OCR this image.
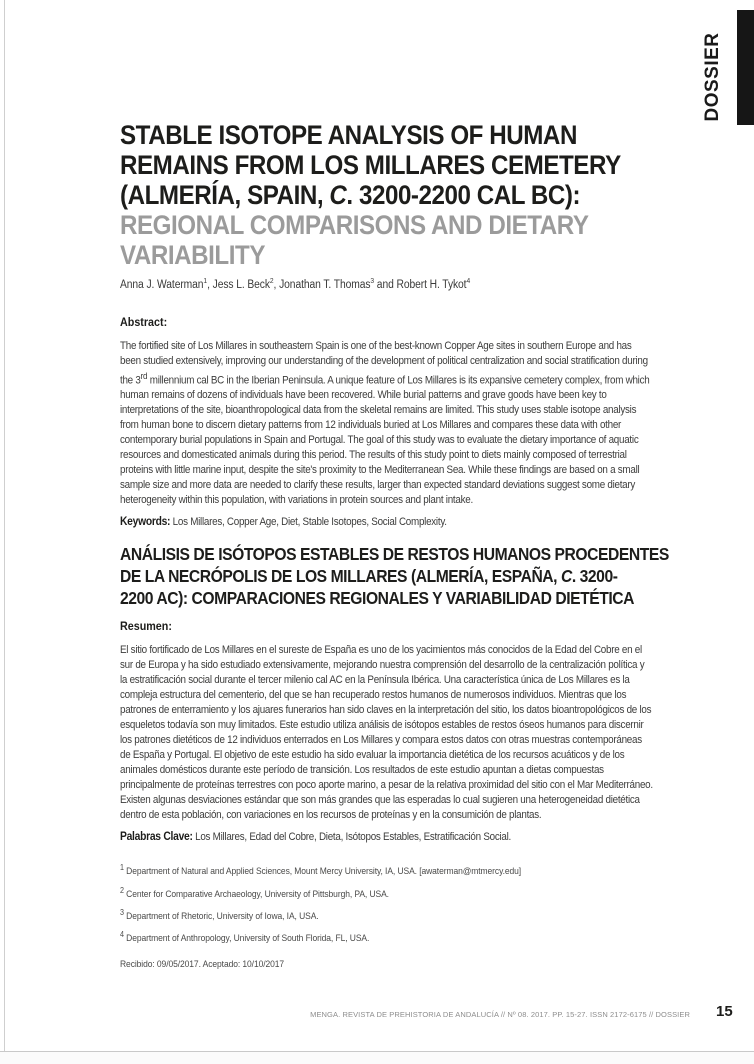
DOSSIER
STABLE ISOTOPE ANALYSIS OF HUMAN
REMAINS FROM LOS MILLARES CEMETERY
(ALMERÍA, SPAIN, C. 3200-2200 CAL BC):
REGIONAL COMPARISONS AND DIETARY
VARIABILITY

Anna J. Waterman$^1$, Jess L. Beck$^2$, Jonathan T. Thomas$^3$ and Robert H. Tykot$^4$

Abstract:

The fortified site of Los Millares in southeastern Spain is one of the best-known Copper Age sites in southern Europe and has been studied extensively, improving our understanding of the development of political centralization and social stratification during the 3rd millennium cal BC in the Iberian Peninsula. A unique feature of Los Millares is its expansive cemetery complex, from which human remains of dozens of individuals have been recovered. While burial patterns and grave goods have been key to interpretations of the site, bioanthropological data from the skeletal remains are limited. This study uses stable isotope analysis from human bone to discern dietary patterns from 12 individuals buried at Los Millares and compares these data with other contemporary burial populations in Spain and Portugal. The goal of this study was to evaluate the dietary importance of aquatic resources and domesticated animals during this period. The results of this study point to diets mainly composed of terrestrial proteins with little marine input, despite the site's proximity to the Mediterranean Sea. While these findings are based on a small sample size and more data are needed to clarify these results, larger than expected standard deviations suggest some dietary heterogeneity within this population, with variations in protein sources and plant intake.

Keywords: Los Millares, Copper Age, Diet, Stable Isotopes, Social Complexity.

ANÁLISIS DE ISÓTOPOS ESTABLES DE RESTOS HUMANOS PROCEDENTES
DE LA NECRÓPOLIS DE LOS MILLARES (ALMERÍA, ESPAÑA, C. 3200-
2200 AC): COMPARACIONES REGIONALES Y VARIABILIDAD DIETÉTICA

Resumen:

El sitio fortificado de Los Millares en el sureste de España es uno de los yacimientos más conocidos de la Edad del Cobre en el sur de Europa y ha sido estudiado extensivamente, mejorando nuestra comprensión del desarrollo de la centralización política y la estratificación social durante el tercer milenio cal AC en la Península Ibérica. Una característica única de Los Millares es la compleja estructura del cementerio, del que se han recuperado restos humanos de numerosos individuos. Mientras que los patrones de enterramiento y los ajuares funerarios han sido claves en la interpretación del sitio, los datos bioantropológicos de los esqueletos todavía son muy limitados. Este estudio utiliza análisis de isótopos estables de restos óseos humanos para discernir los patrones dietéticos de 12 individuos enterrados en Los Millares y compara estos datos con otras muestras contemporáneas de España y Portugal. El objetivo de este estudio ha sido evaluar la importancia dietética de los recursos acuáticos y de los animales domésticos durante este período de transición. Los resultados de este estudio apuntan a dietas compuestas principalmente de proteínas terrestres con poco aporte marino, a pesar de la relativa proximidad del sitio con el Mar Mediterráneo. Existen algunas desviaciones estándar que son más grandes que las esperadas lo cual sugieren una heterogeneidad dietética dentro de esta población, con variaciones en los recursos de proteínas y en la consumición de plantas.

Palabras Clave: Los Millares, Edad del Cobre, Dieta, Isótopos Estables, Estratificación Social.

$^1$ Department of Natural and Applied Sciences, Mount Mercy University, IA, USA. [awaterman@mtmercy.edu]
$^2$ Center for Comparative Archaeology, University of Pittsburgh, PA, USA.
$^3$ Department of Rhetoric, University of Iowa, IA, USA.
$^4$ Department of Anthropology, University of South Florida, FL, USA.

Recibido: 09/05/2017. Aceptado: 10/10/2017

MENGA. REVISTA DE PREHISTORIA DE ANDALUCÍA // Nº 08. 2017. PP. 15-27. ISSN 2172-6175 // DOSSIER 15
